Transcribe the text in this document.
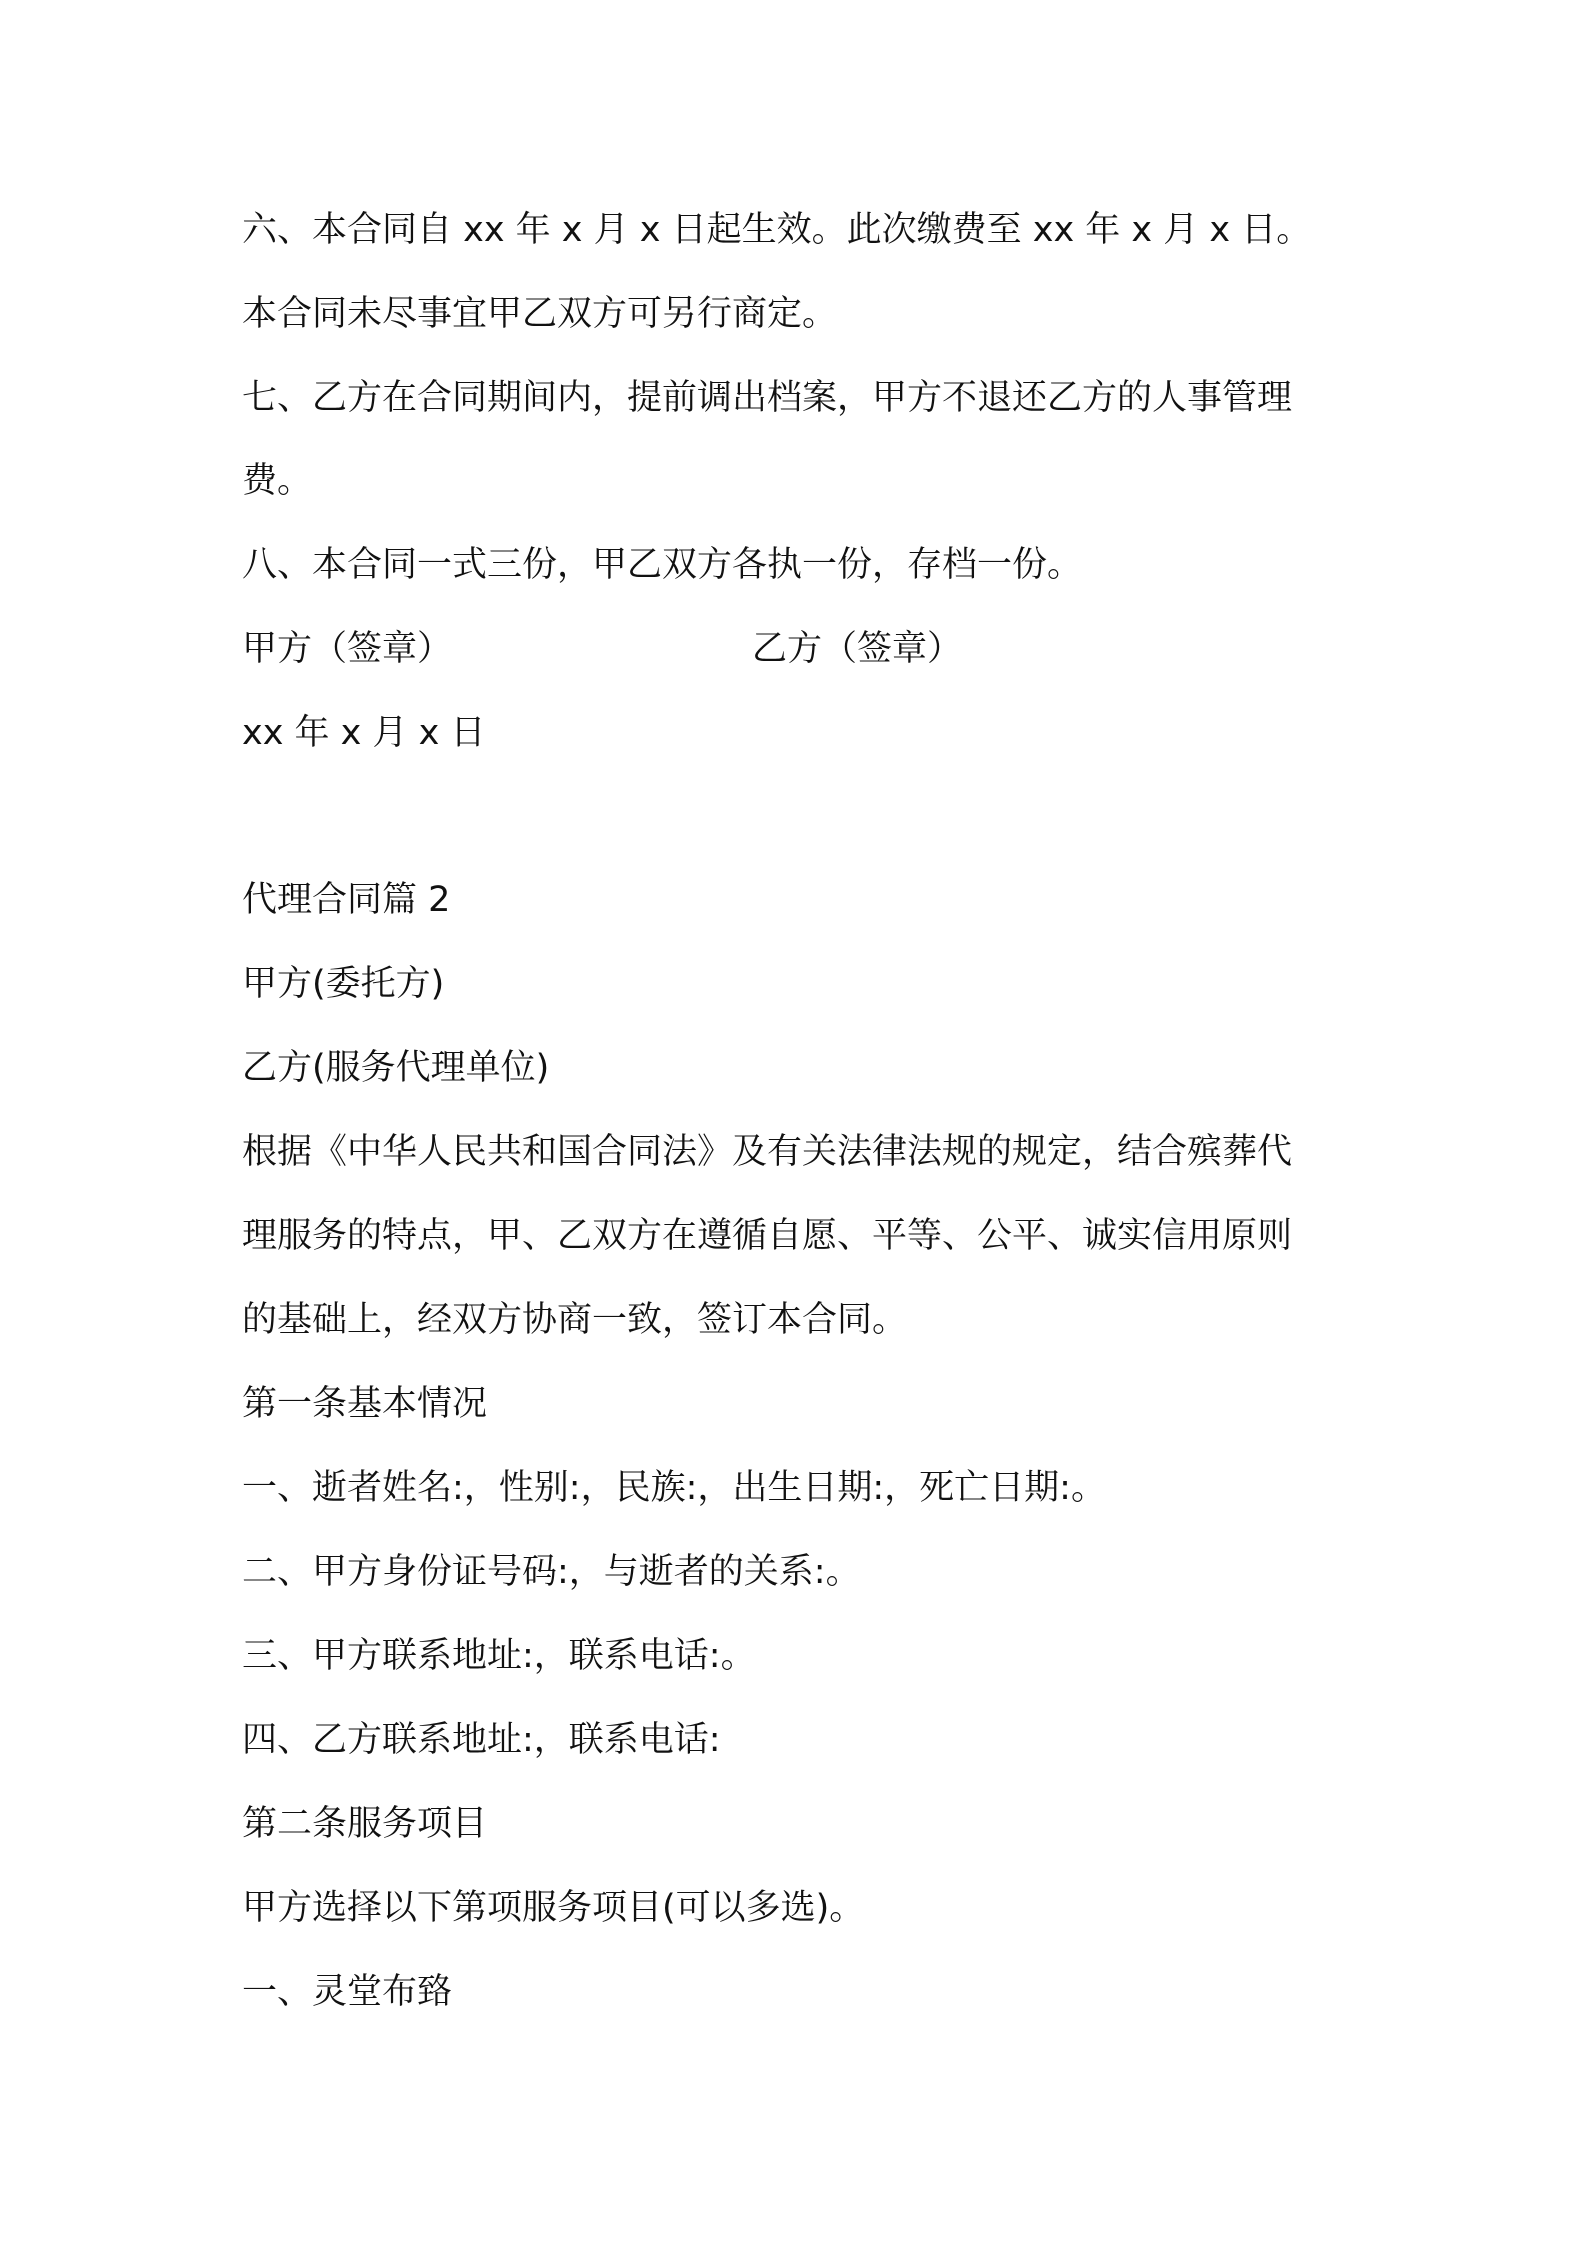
六、本合同自 xx 年 x 月 x 日起生效。此次缴费至 xx 年 x 月 x 日。
本合同未尽事宜甲乙双方可另行商定。
七、乙方在合同期间内，提前调出档案，甲方不退还乙方的人事管理
费。
八、本合同一式三份，甲乙双方各执一份，存档一份。
甲方（签章）	乙方（签章）
xx 年 x 月 x 日
代理合同篇 2
甲方(委托方)
乙方(服务代理单位)
根据《中华人民共和国合同法》及有关法律法规的规定，结合殡葬代
理服务的特点，甲、乙双方在遵循自愿、平等、公平、诚实信用原则
的基础上，经双方协商一致，签订本合同。
第一条基本情况
一、逝者姓名:，性别:，民族:，出生日期:，死亡日期:。
二、甲方身份证号码:，与逝者的关系:。
三、甲方联系地址:，联系电话:。
四、乙方联系地址:，联系电话:
第二条服务项目
甲方选择以下第项服务项目(可以多选)。
一、灵堂布臵
